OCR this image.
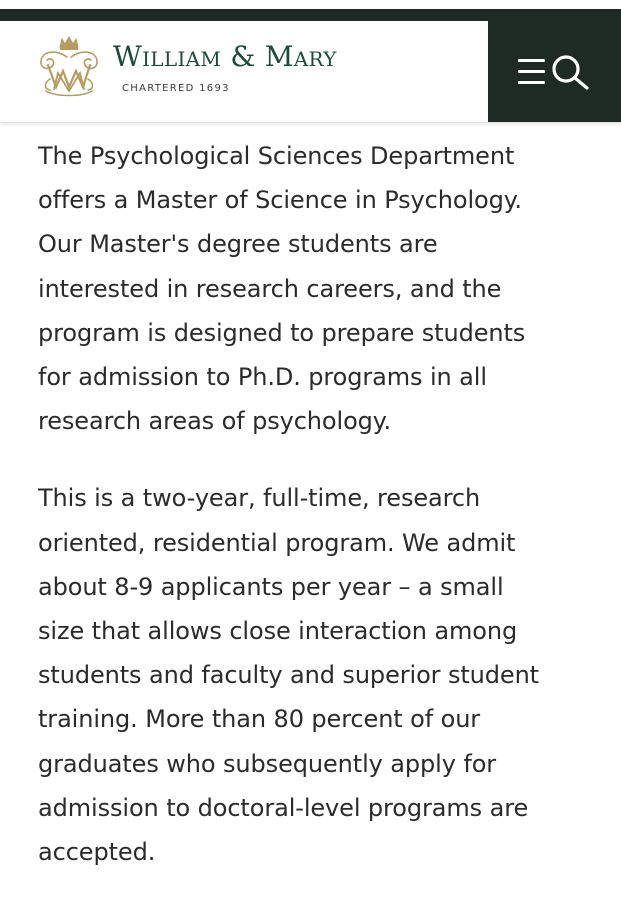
William & Mary
CHARTERED 1693

The Psychological Sciences Department
offers a Master of Science in Psychology.
Our Master's degree students are
interested in research careers, and the
program is designed to prepare students
for admission to Ph.D. programs in all
research areas of psychology.

This is a two-year, full-time, research
oriented, residential program. We admit
about 8-9 applicants per year – a small
size that allows close interaction among
students and faculty and superior student
training. More than 80 percent of our
graduates who subsequently apply for
admission to doctoral-level programs are
accepted.
